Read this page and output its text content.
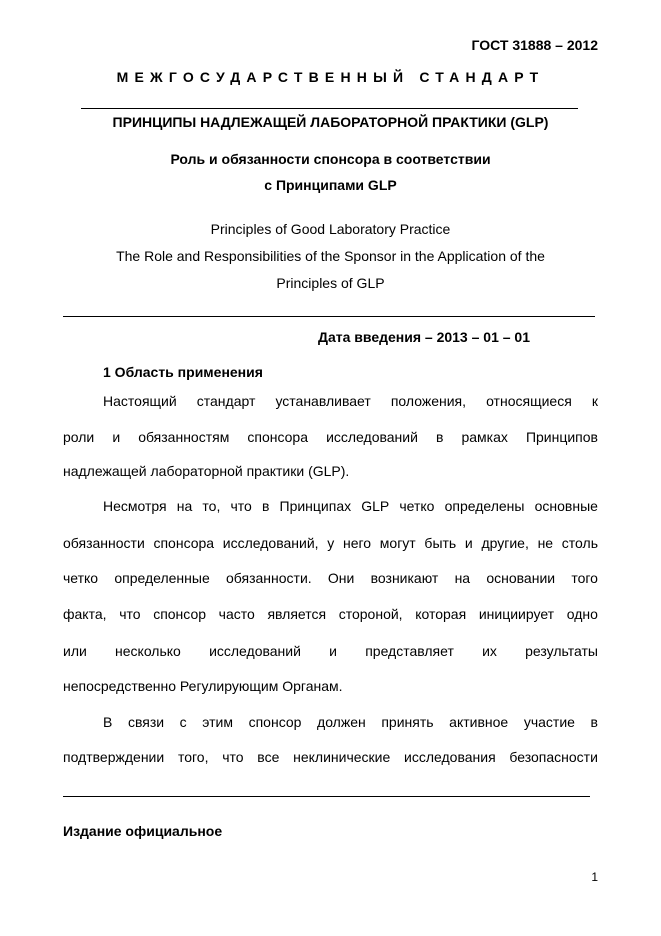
ГОСТ 31888 – 2012
МЕЖГОСУДАРСТВЕННЫЙ СТАНДАРТ
ПРИНЦИПЫ НАДЛЕЖАЩЕЙ ЛАБОРАТОРНОЙ ПРАКТИКИ (GLP)
Роль и обязанности спонсора в соответствии
с Принципами GLP
Principles of Good Laboratory Practice
The Role and Responsibilities of the Sponsor in the Application of the
Principles of GLP
Дата введения – 2013 – 01 – 01
1 Область применения
Настоящий стандарт устанавливает положения, относящиеся к
роли и обязанностям спонсора исследований в рамках Принципов
надлежащей лабораторной практики (GLP).
Несмотря на то, что в Принципах GLP четко определены основные
обязанности спонсора исследований, у него могут быть и другие, не столь
четко определенные обязанности. Они возникают на основании того
факта, что спонсор часто является стороной, которая инициирует одно
или несколько исследований и представляет их результаты
непосредственно Регулирующим Органам.
В связи с этим спонсор должен принять активное участие в
подтверждении того, что все неклинические исследования безопасности
Издание официальное
1
